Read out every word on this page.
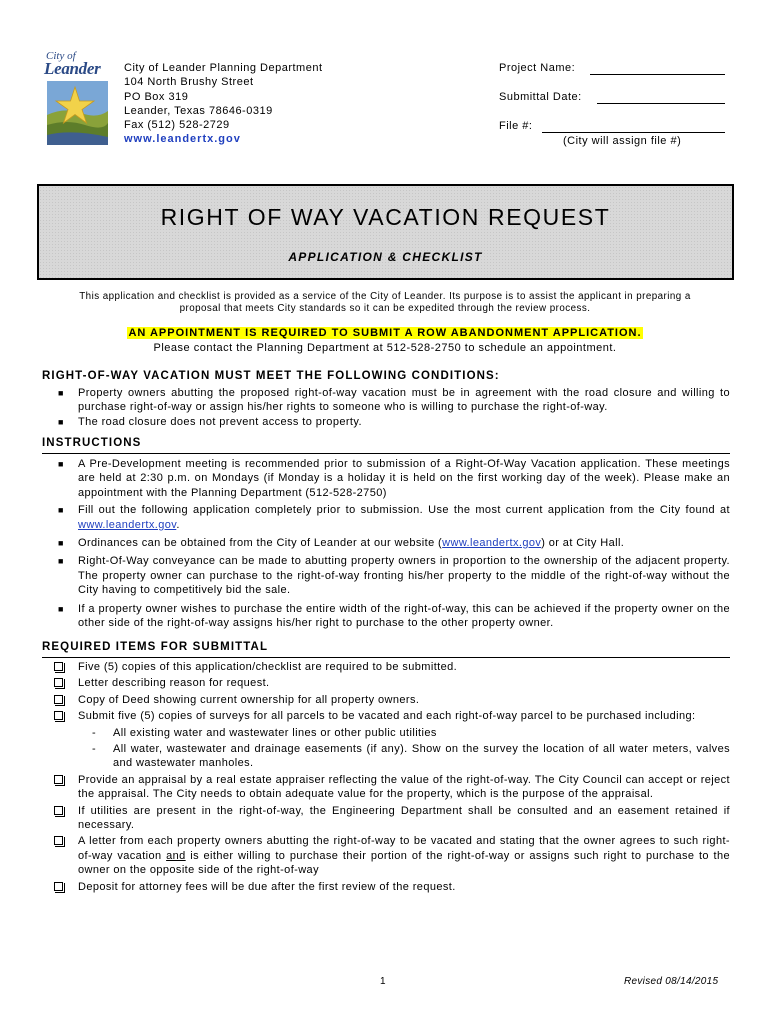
City of
Leander City of Leander Planning Department
104 North Brushy Street
PO Box 319
Leander, Texas 78646-0319
Fax (512) 528-2729
www.leandertx.gov
Project Name:
Submittal Date:
File #:
(City will assign file #)
RIGHT OF WAY VACATION REQUEST
APPLICATION & CHECKLIST
This application and checklist is provided as a service of the City of Leander. Its purpose is to assist the applicant in preparing a
proposal that meets City standards so it can be expedited through the review process.
AN APPOINTMENT IS REQUIRED TO SUBMIT A ROW ABANDONMENT APPLICATION.
Please contact the Planning Department at 512-528-2750 to schedule an appointment.
RIGHT-OF-WAY VACATION MUST MEET THE FOLLOWING CONDITIONS:
■ Property owners abutting the proposed right-of-way vacation must be in agreement with the road closure and willing to purchase right-of-way or assign his/her rights to someone who is willing to purchase the right-of-way.
■ The road closure does not prevent access to property.
INSTRUCTIONS
■ A Pre-Development meeting is recommended prior to submission of a Right-Of-Way Vacation application. These meetings are held at 2:30 p.m. on Mondays (if Monday is a holiday it is held on the first working day of the week). Please make an appointment with the Planning Department (512-528-2750)
■ Fill out the following application completely prior to submission. Use the most current application from the City found at www.leandertx.gov.
■ Ordinances can be obtained from the City of Leander at our website (www.leandertx.gov) or at City Hall.
■ Right-Of-Way conveyance can be made to abutting property owners in proportion to the ownership of the adjacent property. The property owner can purchase to the right-of-way fronting his/her property to the middle of the right-of-way without the City having to competitively bid the sale.
■ If a property owner wishes to purchase the entire width of the right-of-way, this can be achieved if the property owner on the other side of the right-of-way assigns his/her right to purchase to the other property owner.
REQUIRED ITEMS FOR SUBMITTAL
Five (5) copies of this application/checklist are required to be submitted.
Letter describing reason for request.
Copy of Deed showing current ownership for all property owners.
Submit five (5) copies of surveys for all parcels to be vacated and each right-of-way parcel to be purchased including:
- All existing water and wastewater lines or other public utilities
- All water, wastewater and drainage easements (if any). Show on the survey the location of all water meters, valves and wastewater manholes.
Provide an appraisal by a real estate appraiser reflecting the value of the right-of-way. The City Council can accept or reject the appraisal. The City needs to obtain adequate value for the property, which is the purpose of the appraisal.
If utilities are present in the right-of-way, the Engineering Department shall be consulted and an easement retained if necessary.
A letter from each property owners abutting the right-of-way to be vacated and stating that the owner agrees to such right-of-way vacation and is either willing to purchase their portion of the right-of-way or assigns such right to purchase to the owner on the opposite side of the right-of-way
Deposit for attorney fees will be due after the first review of the request.
1	Revised 08/14/2015
